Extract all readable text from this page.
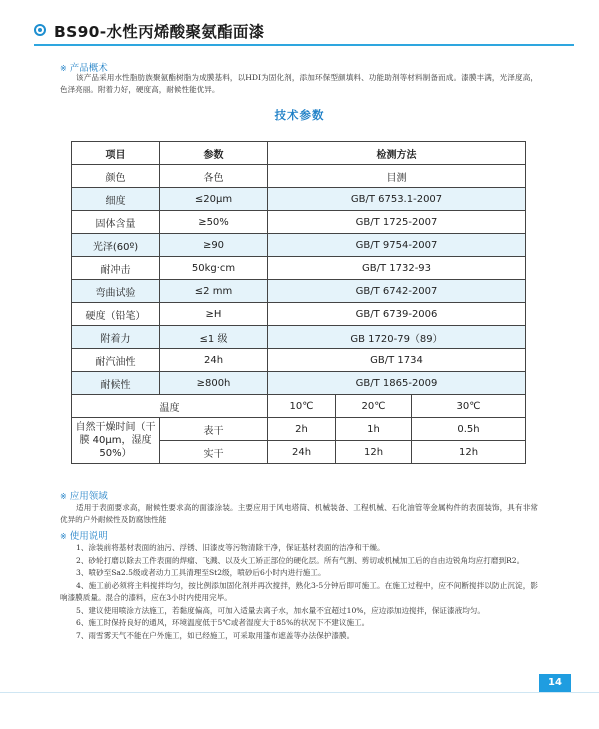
BS90-水性丙烯酸聚氨酯面漆
※ 产品概术
该产品采用水性脂肪族聚氨酯树脂为成膜基料，以HDI为固化剂，添加环保型颜填料、功能助剂等材料制备而成。漆膜丰满，光泽度高，色泽亮丽。附着力好，硬度高，耐候性能优异。
技术参数
项目	参数	检测方法		
颜色	各色	目测		
细度	≤20μm	GB/T 6753.1-2007		
固体含量	≥50%	GB/T 1725-2007		
光泽(60º)	≥90	GB/T 9754-2007		
耐冲击	50kg·cm	GB/T 1732-93		
弯曲试验	≤2 mm	GB/T 6742-2007		
硬度（铅笔）	≥H	GB/T 6739-2006		
附着力	≤1 级	GB 1720-79（89）		
耐汽油性	24h	GB/T 1734		
耐候性	≥800h	GB/T 1865-2009		
温度		10℃	20℃	30℃
自然干燥时间（干膜 40μm，湿度 50%）	表干	2h	1h	0.5h
	实干	24h	12h	12h
※ 应用领域
适用于表面要求高，耐候性要求高的面漆涂装。主要应用于风电塔筒、机械装备、工程机械、石化油管等金属构件的表面装饰，具有非常优异的户外耐候性及防腐蚀性能
※ 使用说明
1、涂装前将基材表面的油污、浮锈、旧漆皮等污物清除干净，保证基材表面的洁净和干燥。
2、砂轮打磨以除去工件表面的焊瘤、飞溅、以及火工矫正部位的硬化层。所有气割、剪切或机械加工后的自由边锐角均应打磨到R2。
3、喷砂至Sa2.5级或者动力工具清理至St2级，喷砂后6小时内进行施工。
4、施工前必须将主料搅拌均匀，按比例添加固化剂并再次搅拌，熟化3-5分钟后即可施工。在施工过程中，应不间断搅拌以防止沉淀，影响漆膜质量。混合的漆料，应在3小时内使用完毕。
5、建议使用喷涂方法施工，若黏度偏高，可加入适量去离子水，加水量不宜超过10%，应边添加边搅拌，保证漆液均匀。
6、施工时保持良好的通风，环境温度低于5℃或者湿度大于85%的状况下不建议施工。
7、雨雪雾天气不能在户外施工，如已经施工，可采取用篷布遮盖等办法保护漆膜。
14
